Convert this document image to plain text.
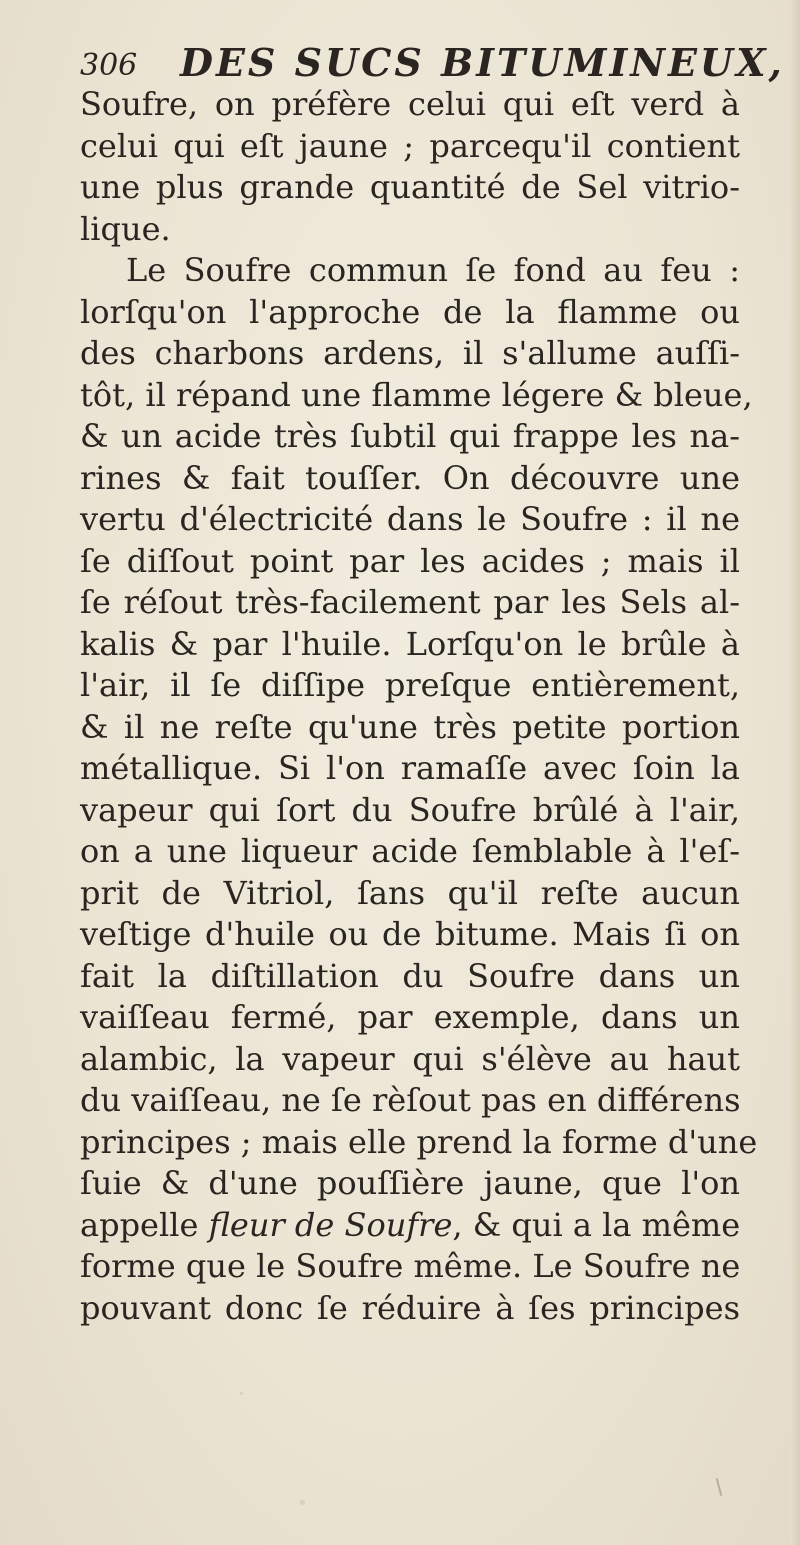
306 DES SUCS BITUMINEUX,
Soufre, on préfère celui qui eſt verd à
celui qui eſt jaune ; parcequ'il contient
une plus grande quantité de Sel vitrio-
lique.
Le Soufre commun ſe fond au feu :
lorſqu'on l'approche de la flamme ou
des charbons ardens, il s'allume auſſi-
tôt, il répand une flamme légere & bleue,
& un acide très ſubtil qui frappe les na-
rines & fait touſſer. On découvre une
vertu d'électricité dans le Soufre : il ne
ſe diſſout point par les acides ; mais il
ſe réſout très-facilement par les Sels al-
kalis & par l'huile. Lorſqu'on le brûle à
l'air, il ſe diſſipe preſque entièrement,
& il ne reſte qu'une très petite portion
métallique. Si l'on ramaſſe avec ſoin la
vapeur qui ſort du Soufre brûlé à l'air,
on a une liqueur acide ſemblable à l'eſ-
prit de Vitriol, ſans qu'il reſte aucun
veſtige d'huile ou de bitume. Mais ſi on
fait la diſtillation du Soufre dans un
vaiſſeau fermé, par exemple, dans un
alambic, la vapeur qui s'élève au haut
du vaiſſeau, ne ſe rèſout pas en différens
principes ; mais elle prend la forme d'une
ſuie & d'une pouſſière jaune, que l'on
appelle fleur de Soufre, & qui a la même
forme que le Soufre même. Le Soufre ne
pouvant donc ſe réduire à ſes principes
